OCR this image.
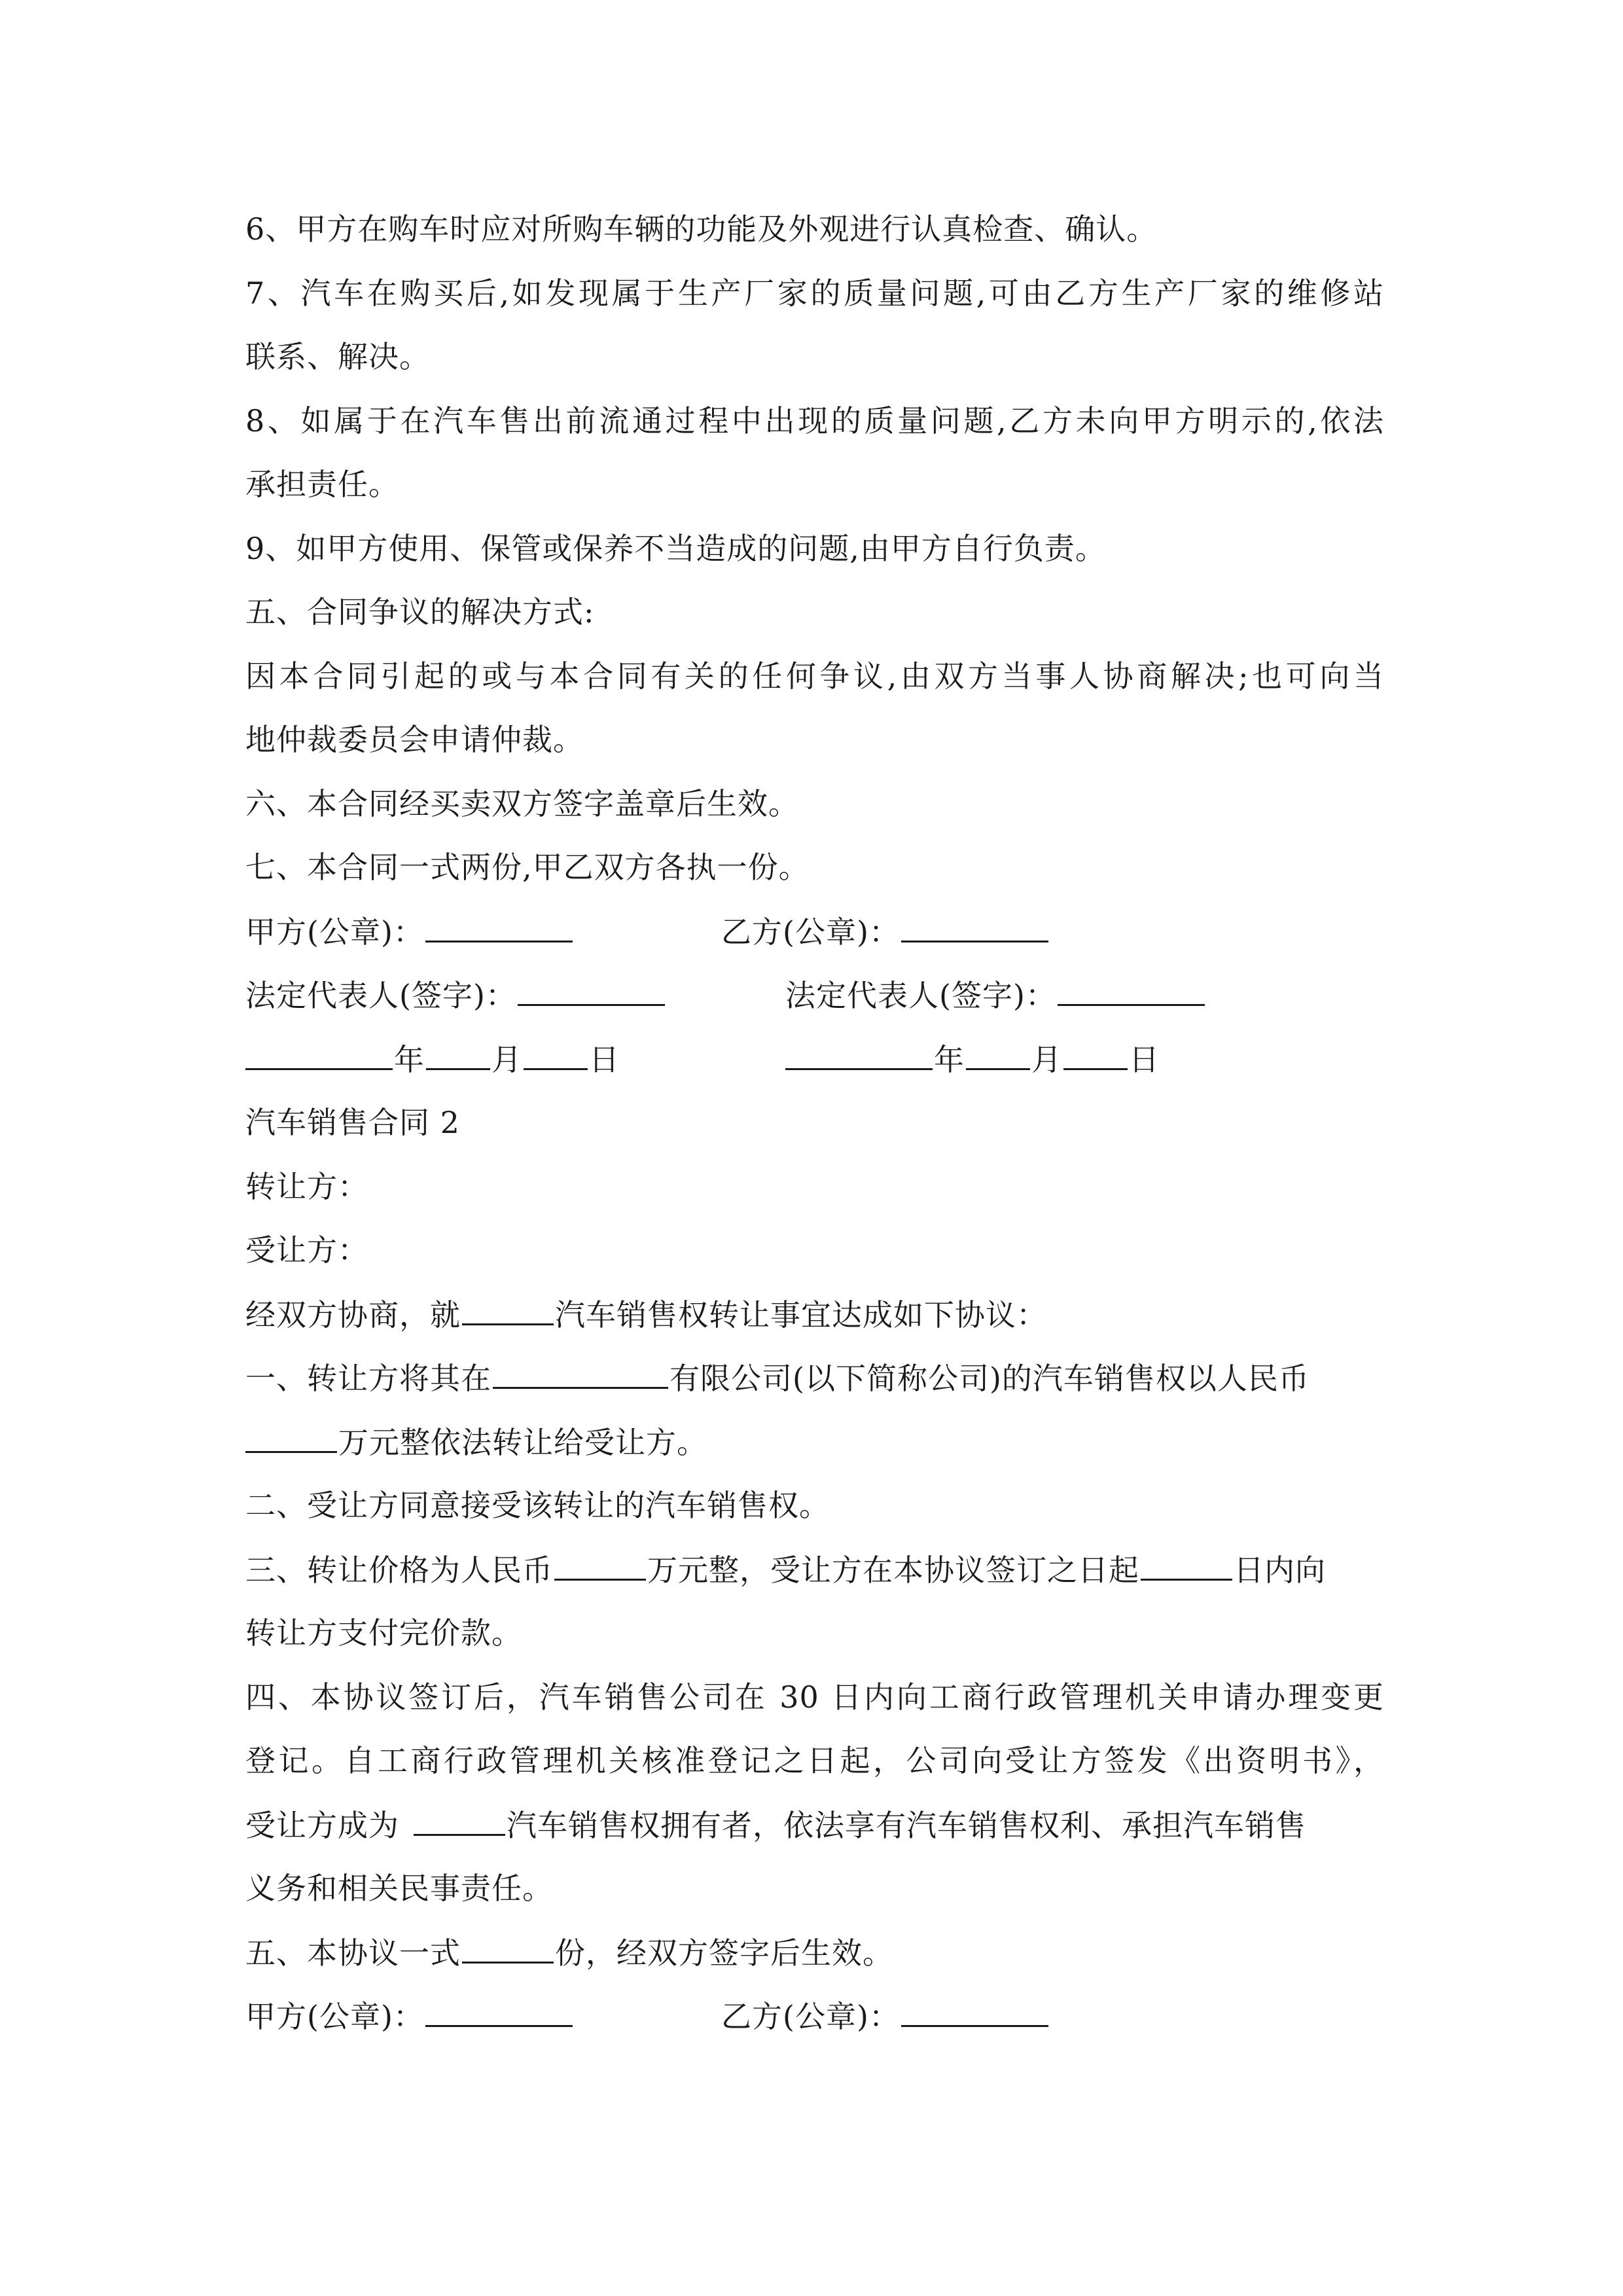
6、甲方在购车时应对所购车辆的功能及外观进行认真检查、确认。
7、汽车在购买后,如发现属于生产厂家的质量问题,可由乙方生产厂家的维修站
联系、解决。
8、如属于在汽车售出前流通过程中出现的质量问题,乙方未向甲方明示的,依法
承担责任。
9、如甲方使用、保管或保养不当造成的问题,由甲方自行负责。
五、合同争议的解决方式:
因本合同引起的或与本合同有关的任何争议,由双方当事人协商解决;也可向当
地仲裁委员会申请仲裁。
六、本合同经买卖双方签字盖章后生效。
七、本合同一式两份,甲乙双方各执一份。
甲方(公章)：	乙方(公章)：
法定代表人(签字)：	法定代表人(签字)：
年 月 日	年 月 日
汽车销售合同 2
转让方：
受让方：
经双方协商，就	汽车销售权转让事宜达成如下协议：
一、转让方将其在	有限公司(以下简称公司)的汽车销售权以人民币
万元整依法转让给受让方。
二、受让方同意接受该转让的汽车销售权。
三、转让价格为人民币	万元整，受让方在本协议签订之日起	日内向
转让方支付完价款。
四、本协议签订后，汽车销售公司在 30 日内向工商行政管理机关申请办理变更
登记。自工商行政管理机关核准登记之日起，公司向受让方签发《出资明书》，
受让方成为	汽车销售权拥有者，依法享有汽车销售权利、承担汽车销售
义务和相关民事责任。
五、本协议一式	份，经双方签字后生效。
甲方(公章)：	乙方(公章)：
